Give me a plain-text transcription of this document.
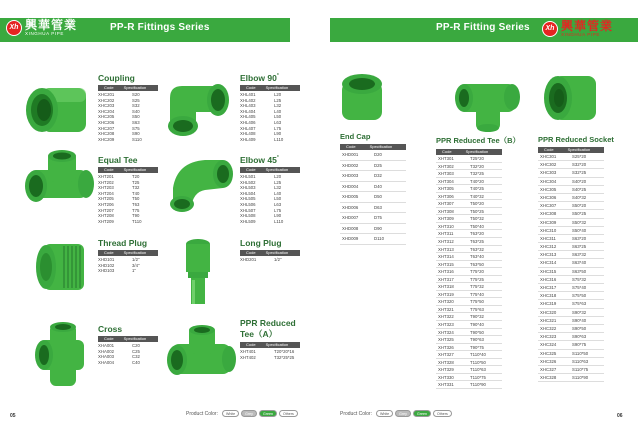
Xh 興華管業
XINGHUA PIPE
PP-R Fittings Series	PP-R Fitting Series	Xh 興華管業
XINGHUA PIPE
Coupling
Code	Specification
XHC201	S20
XHC202	S25
XHC203	S32
XHC204	S40
XHC205	S50
XHC206	S63
XHC207	S75
XHC208	S90
XHC209	S110
Elbow 90°
Code	Specification
XHL401	L20
XHL402	L25
XHL403	L32
XHL404	L40
XHL405	L50
XHL406	L63
XHL407	L75
XHL408	L90
XHL409	L110
Equal Tee
Code	Specification
XHT201	T20
XHT202	T25
XHT203	T32
XHT204	T40
XHT205	T50
XHT206	T63
XHT207	T75
XHT208	T90
XHT209	T110
Elbow 45°
Code	Specification
XHL501	L20
XHL502	L25
XHL503	L32
XHL504	L40
XHL505	L50
XHL506	L63
XHL507	L75
XHL508	L90
XHL509	L110
Thread Plug
Code	Specification
XHD101	1/2"
XHD102	3/4"
XHD103	1"
Long Plug
Code	Specification
XHD201	1/2"
Cross
Code	Specification
XHA001	C20
XHA002	C25
XHA003	C32
XHA004	C40
PPR Reduced
Tee（A）
Code	Specification
XHT401	T20*20*16
XHT402	T32*25*25
End Cap
Code	Specification
XHD001	D20
XHD002	D25
XHD003	D32
XHD004	D40
XHD005	D50
XHD006	D63
XHD007	D75
XHD008	D90
XHD009	D110
PPR Reduced Tee（B）
Code	Specification
XHT301	T25*20
XHT302	T32*20
XHT303	T32*25
XHT304	T40*20
XHT305	T40*25
XHT306	T40*32
XHT307	T50*20
XHT308	T50*25
XHT309	T50*32
XHT310	T50*40
XHT311	T63*20
XHT312	T63*25
XHT313	T63*32
XHT314	T63*40
XHT315	T63*50
XHT316	T75*20
XHT317	T75*25
XHT318	T75*32
XHT319	T75*40
XHT320	T75*50
XHT321	T75*63
XHT322	T90*32
XHT323	T90*40
XHT324	T90*50
XHT325	T90*63
XHT326	T90*75
XHT327	T110*40
XHT328	T110*50
XHT329	T110*63
XHT330	T110*75
XHT331	T110*90
PPR Reduced Socket
Code	Specification
XHC301	S25*20
XHC302	S32*20
XHC303	S32*25
XHC304	S40*20
XHC305	S40*25
XHC306	S40*32
XHC307	S50*20
XHC308	S50*25
XHC309	S50*32
XHC310	S50*40
XHC311	S63*20
XHC312	S63*25
XHC313	S63*32
XHC314	S63*40
XHC315	S63*50
XHC316	S75*32
XHC317	S75*40
XHC318	S75*50
XHC319	S75*63
XHC320	S90*32
XHC321	S90*40
XHC322	S90*50
XHC323	S90*63
XHC324	S90*75
XHC325	S110*50
XHC326	S110*63
XHC327	S110*75
XHC328	S110*90
05	Product Color:	White	Grey	Green	Others	Product Color:	White	Grey	Green	Others	06
